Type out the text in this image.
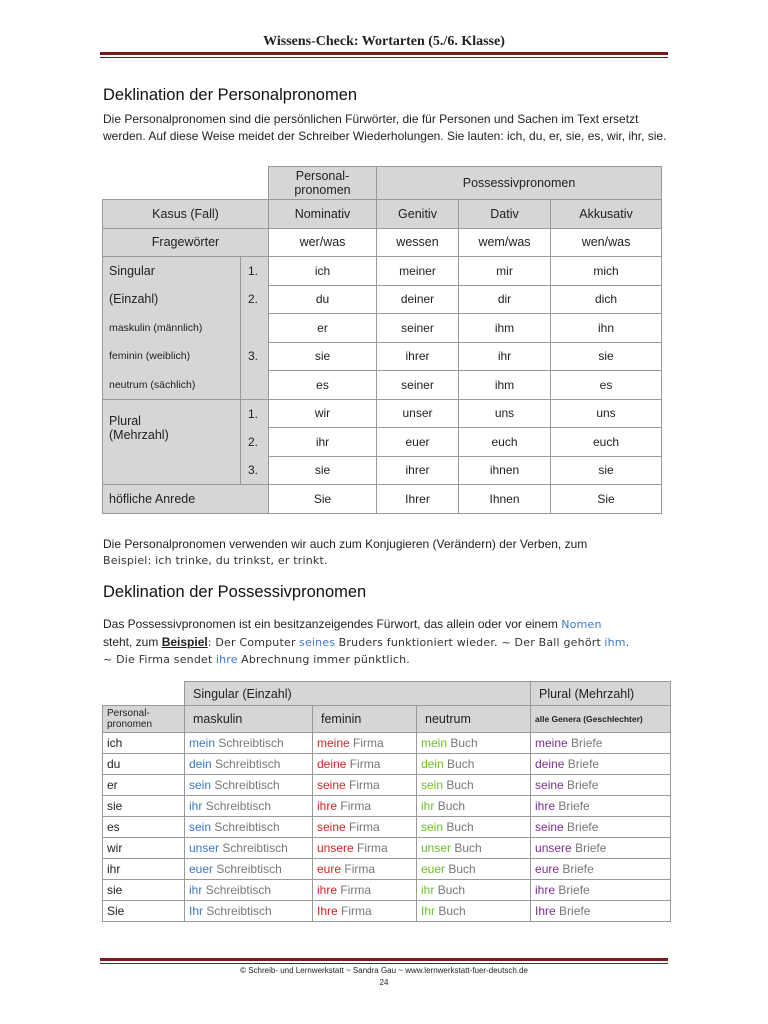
Wissens-Check: Wortarten (5./6. Klasse)
Deklination der Personalpronomen
Die Personalpronomen sind die persönlichen Fürwörter, die für Personen und Sachen im Text ersetzt werden. Auf diese Weise meidet der Schreiber Wiederholungen. Sie lauten: ich, du, er, sie, es, wir, ihr, sie.
		Personal-
pronomen	Possessivpronomen		
Kasus (Fall)		Nominativ	Genitiv	Dativ	Akkusativ
Fragewörter		wer/was	wessen	wem/was	wen/was
Singular	1.	ich	meiner	mir	mich
(Einzahl)	2.	du	deiner	dir	dich
maskulin (männlich)		er	seiner	ihm	ihn
feminin (weiblich)	3.	sie	ihrer	ihr	sie
neutrum (sächlich)		es	seiner	ihm	es
Plural	1.	wir	unser	uns	uns
(Mehrzahl)	2.	ihr	euer	euch	euch
	3.	sie	ihrer	ihnen	sie
höfliche Anrede		Sie	Ihrer	Ihnen	Sie
Die Personalpronomen verwenden wir auch zum Konjugieren (Verändern) der Verben, zum
Beispiel: ich trinke, du trinkst, er trinkt.
Deklination der Possessivpronomen
Das Possessivpronomen ist ein besitzanzeigendes Fürwort, das allein oder vor einem Nomen
steht, zum Beispiel: Der Computer seines Bruders funktioniert wieder. ~ Der Ball gehört ihm.
~ Die Firma sendet ihre Abrechnung immer pünktlich.
	Singular (Einzahl)			Plural (Mehrzahl)
Personal-
pronomen	maskulin	feminin	neutrum	alle Genera (Geschlechter)
ich	mein Schreibtisch	meine Firma	mein Buch	meine Briefe
du	dein Schreibtisch	deine Firma	dein Buch	deine Briefe
er	sein Schreibtisch	seine Firma	sein Buch	seine Briefe
sie	ihr Schreibtisch	ihre Firma	ihr Buch	ihre Briefe
es	sein Schreibtisch	seine Firma	sein Buch	seine Briefe
wir	unser Schreibtisch	unsere Firma	unser Buch	unsere Briefe
ihr	euer Schreibtisch	eure Firma	euer Buch	eure Briefe
sie	ihr Schreibtisch	ihre Firma	ihr Buch	ihre Briefe
Sie	Ihr Schreibtisch	Ihre Firma	Ihr Buch	Ihre Briefe
© Schreib- und Lernwerkstatt ~ Sandra Gau ~ www.lernwerkstatt-fuer-deutsch.de
24
